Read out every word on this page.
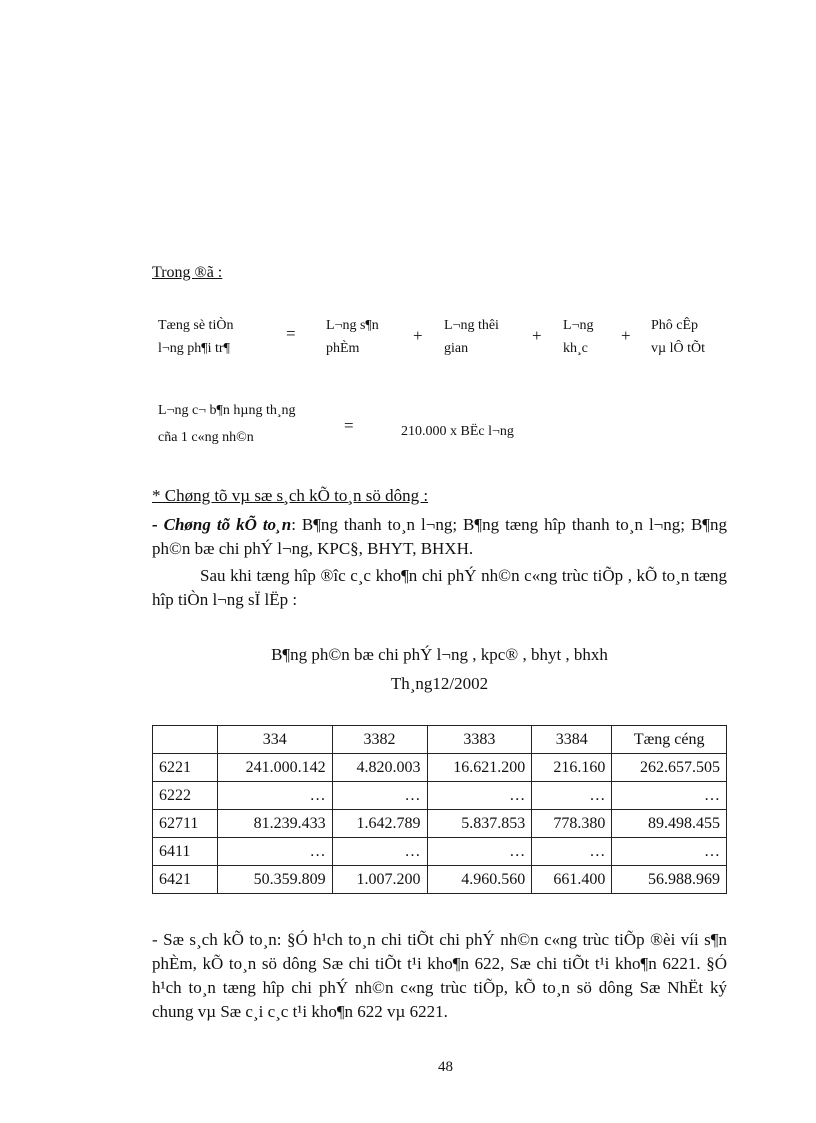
Trong ®ã :
Tæng sè tiÒn
l¬ng ph¶i tr¶
= L¬ng s¶n
phÈm
+
L¬ng thêi
gian
+
L¬ng
kh¸c
+
Phô cÊp
vµ lÔ tÕt
L¬ng c¬ b¶n hµng th¸ng
cña 1 c«ng nh©n
=	210.000 x BËc l¬ng
* Chøng tõ vµ sæ s¸ch kÕ to¸n sö dông :
- Chøng tõ kÕ to¸n: B¶ng thanh to¸n l¬ng; B¶ng tæng hîp thanh to¸n l¬ng; B¶ng ph©n bæ chi phÝ l¬ng, KPC§, BHYT, BHXH.
Sau khi tæng hîp ®îc c¸c kho¶n chi phÝ nh©n c«ng trùc tiÕp , kÕ to¸n tæng hîp tiÒn l¬ng sÏ lËp :
B¶ng ph©n bæ chi phÝ l¬ng , kpc® , bhyt , bhxh
Th¸ng12/2002
	334	3382	3383	3384	Tæng céng
6221	241.000.142	4.820.003	16.621.200	216.160	262.657.505
6222	…	…	…	…	…
62711	81.239.433	1.642.789	5.837.853	778.380	89.498.455
6411	…	…	…	…	…
6421	50.359.809	1.007.200	4.960.560	661.400	56.988.969
- Sæ s¸ch kÕ to¸n: §Ó h¹ch to¸n chi tiÕt chi phÝ nh©n c«ng trùc tiÕp ®èi víi s¶n phÈm, kÕ to¸n sö dông Sæ chi tiÕt t¹i kho¶n 622, Sæ chi tiÕt t¹i kho¶n 6221. §Ó h¹ch to¸n tæng hîp chi phÝ nh©n c«ng trùc tiÕp, kÕ to¸n sö dông Sæ NhËt ký chung vµ Sæ c¸i c¸c t¹i kho¶n 622 vµ 6221.
48
